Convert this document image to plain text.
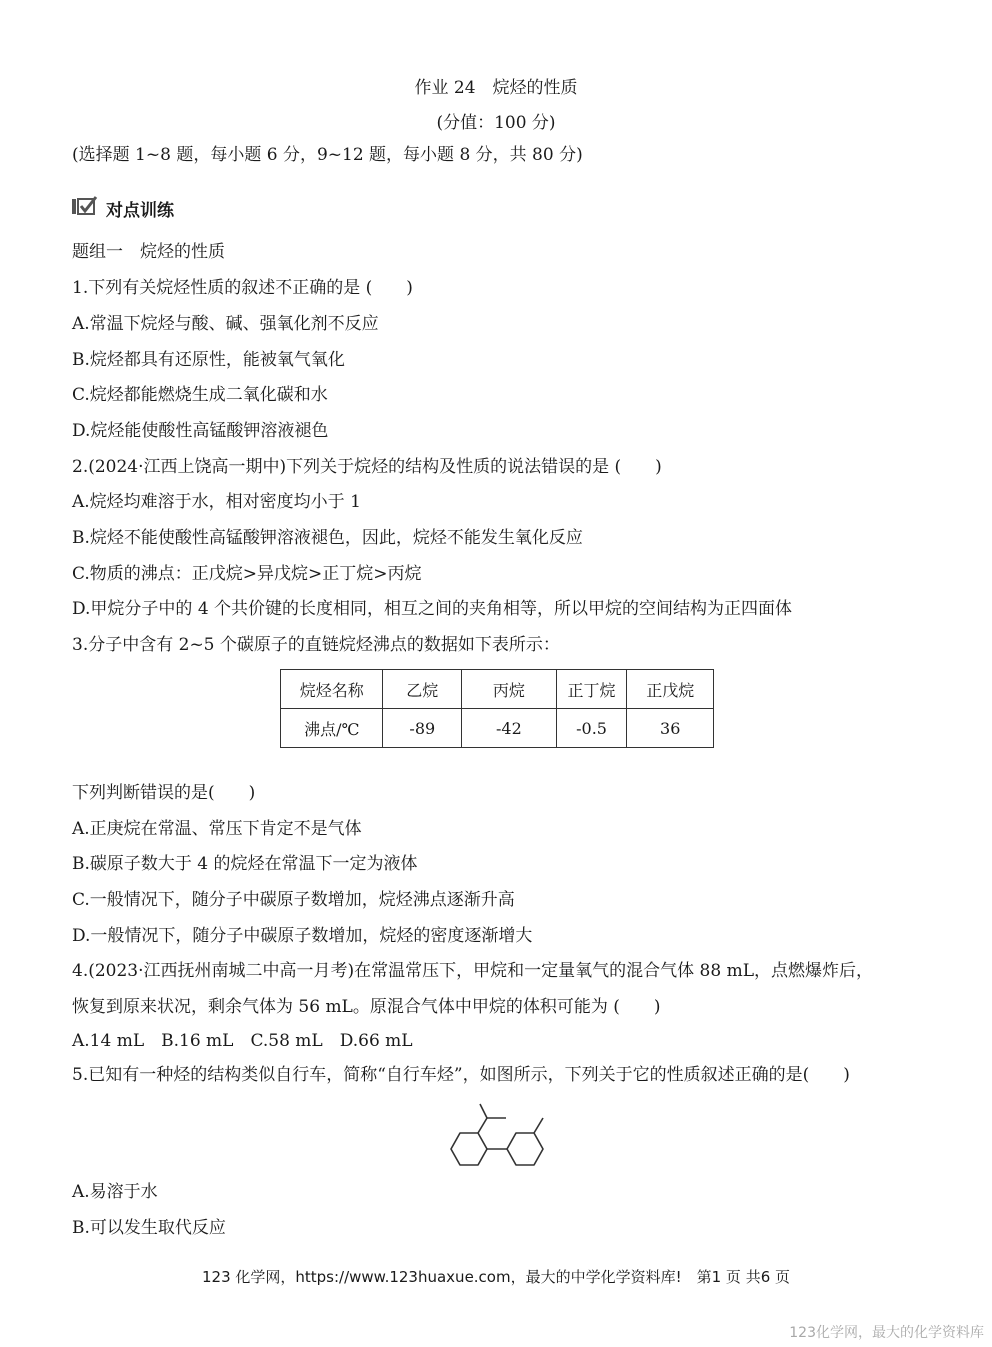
作业 24　烷烃的性质
(分值：100 分)
(选择题 1~8 题，每小题 6 分，9~12 题，每小题 8 分，共 80 分)
对点训练
题组一　烷烃的性质
1.下列有关烷烃性质的叙述不正确的是 (　　)
A.常温下烷烃与酸、碱、强氧化剂不反应
B.烷烃都具有还原性，能被氧气氧化
C.烷烃都能燃烧生成二氧化碳和水
D.烷烃能使酸性高锰酸钾溶液褪色
2.(2024·江西上饶高一期中)下列关于烷烃的结构及性质的说法错误的是 (　　)
A.烷烃均难溶于水，相对密度均小于 1
B.烷烃不能使酸性高锰酸钾溶液褪色，因此，烷烃不能发生氧化反应
C.物质的沸点：正戊烷>异戊烷>正丁烷>丙烷
D.甲烷分子中的 4 个共价键的长度相同，相互之间的夹角相等，所以甲烷的空间结构为正四面体
3.分子中含有 2~5 个碳原子的直链烷烃沸点的数据如下表所示：
烷烃名称	乙烷	丙烷	正丁烷	正戊烷
沸点/℃	-89	-42	-0.5	36
下列判断错误的是(　　)
A.正庚烷在常温、常压下肯定不是气体
B.碳原子数大于 4 的烷烃在常温下一定为液体
C.一般情况下，随分子中碳原子数增加，烷烃沸点逐渐升高
D.一般情况下，随分子中碳原子数增加，烷烃的密度逐渐增大
4.(2023·江西抚州南城二中高一月考)在常温常压下，甲烷和一定量氧气的混合气体 88 mL，点燃爆炸后，
恢复到原来状况，剩余气体为 56 mL。原混合气体中甲烷的体积可能为 (　　)
A.14 mL　B.16 mL　C.58 mL　D.66 mL
5.已知有一种烃的结构类似自行车，简称“自行车烃”，如图所示，下列关于它的性质叙述正确的是(　　)
A.易溶于水
B.可以发生取代反应
123 化学网，https://www.123huaxue.com，最大的中学化学资料库!　第1 页 共6 页
123化学网，最大的化学资料库
